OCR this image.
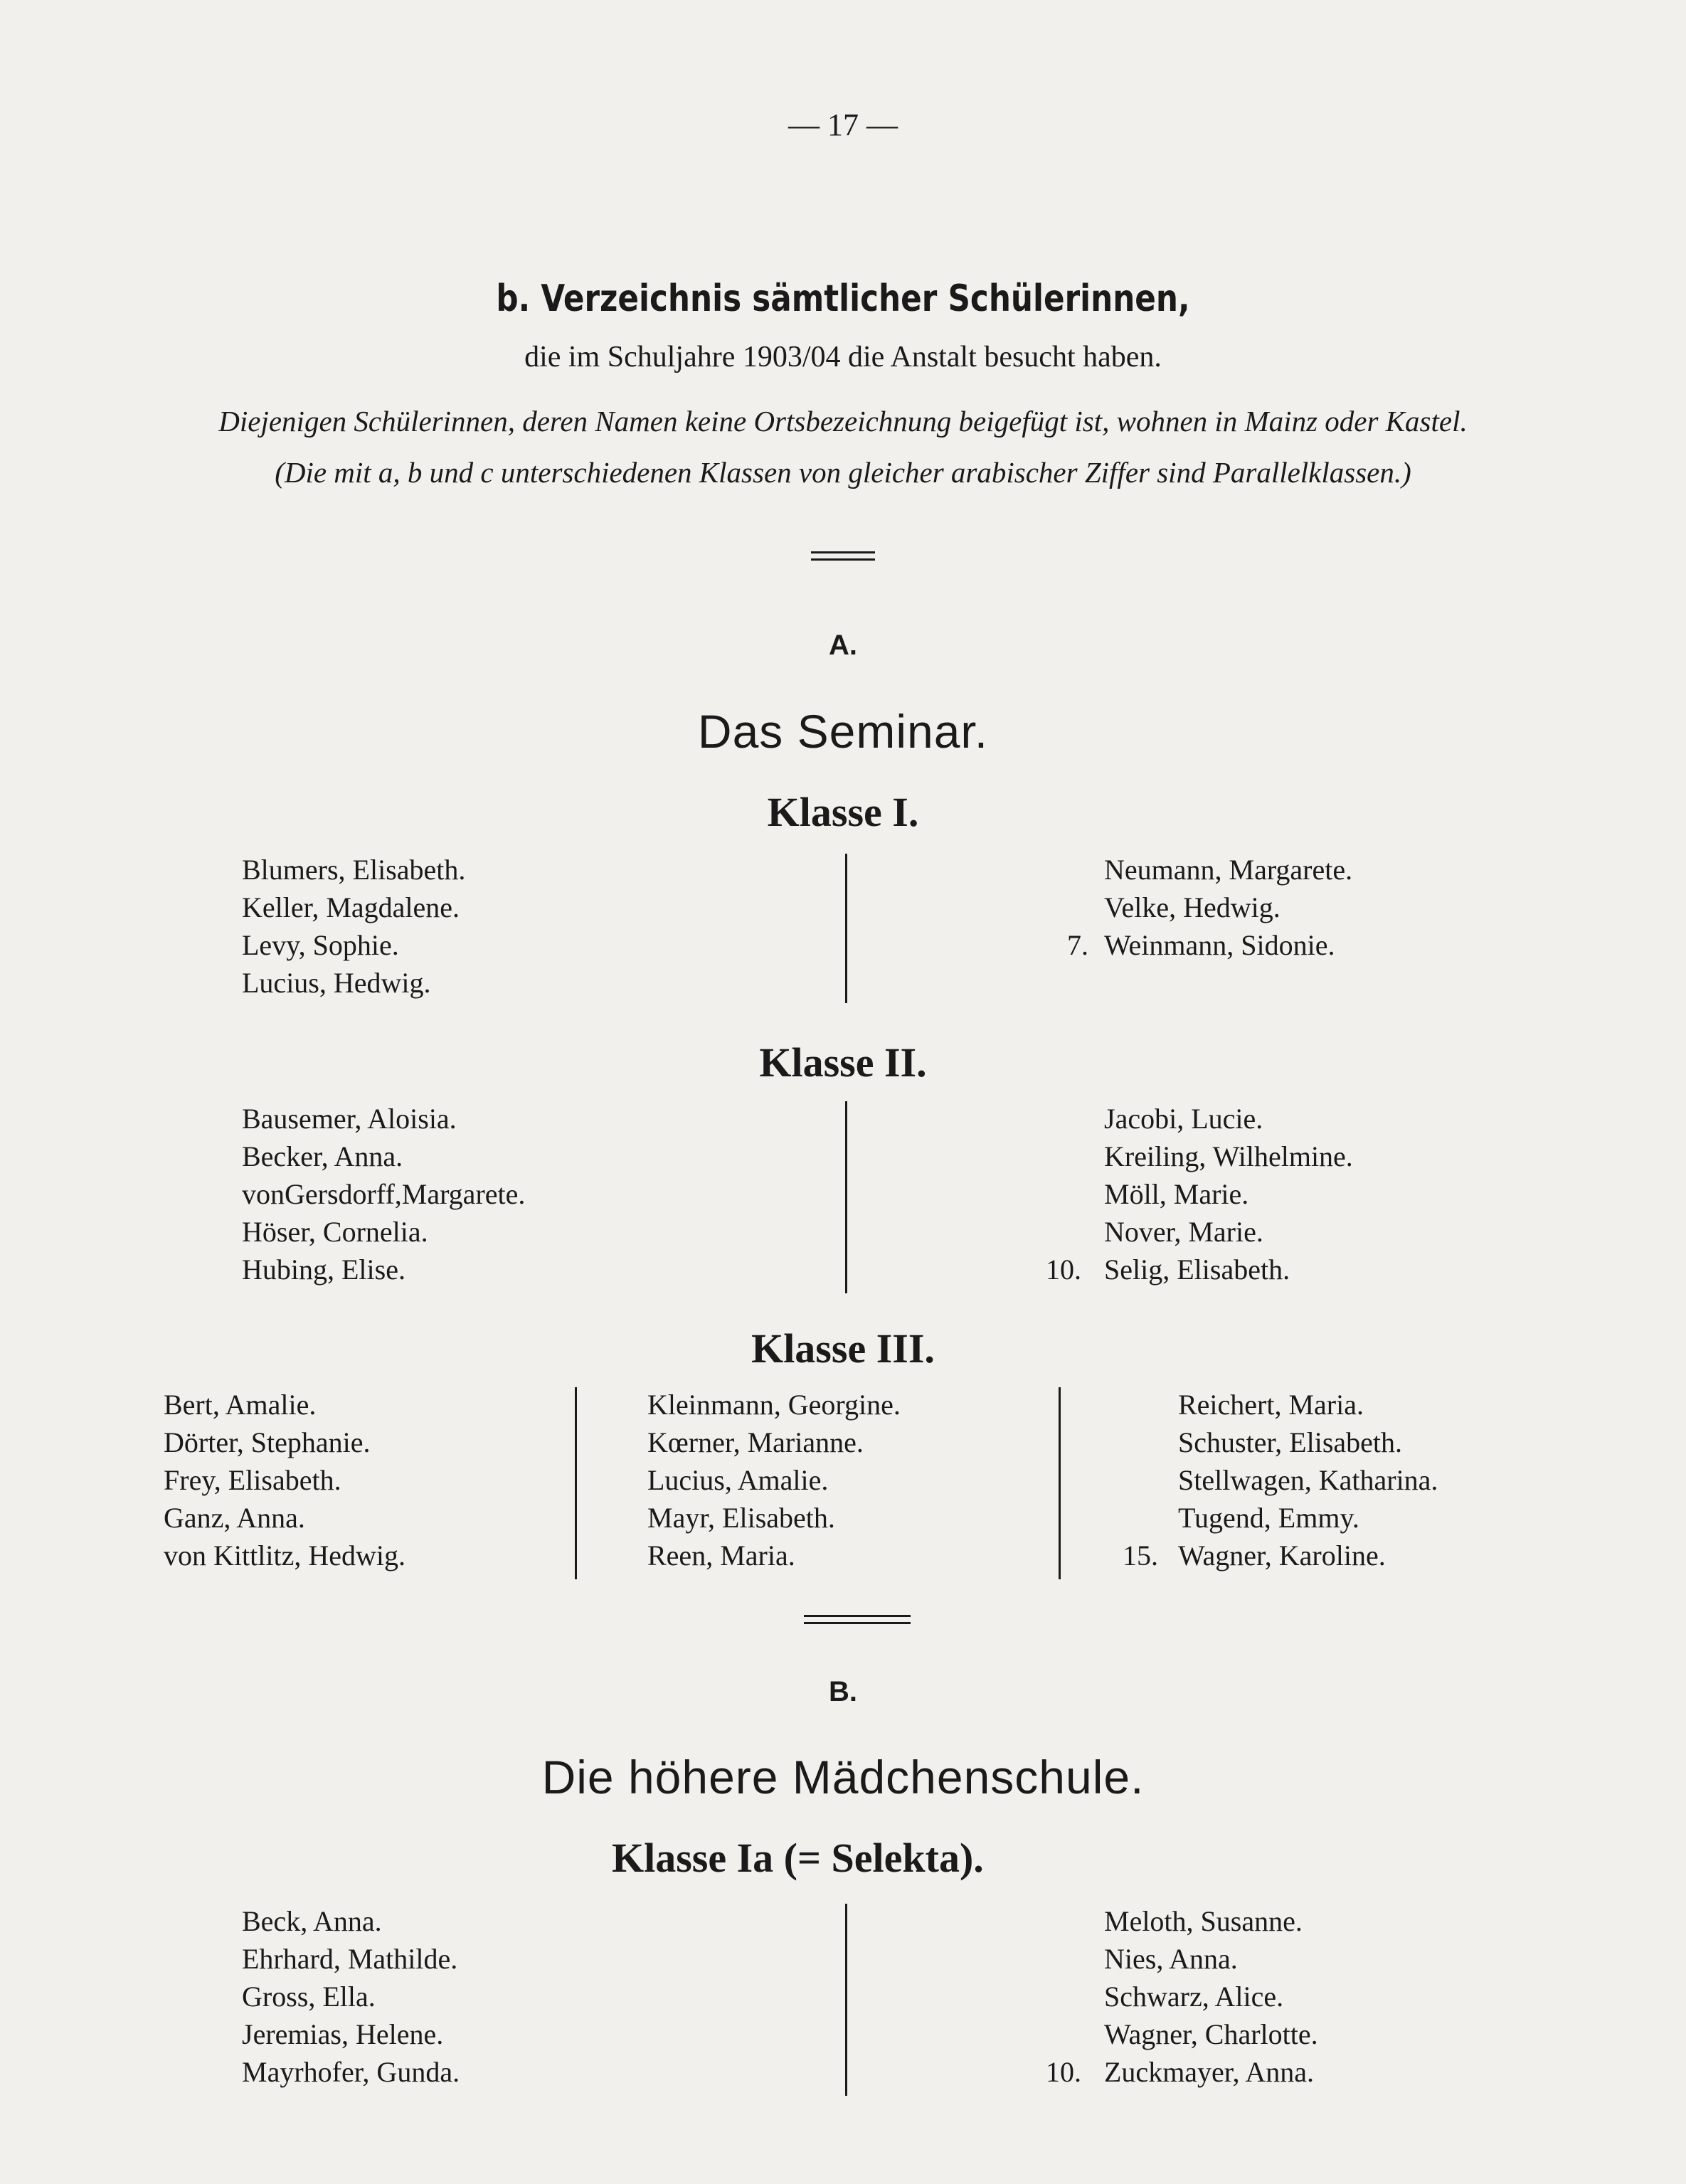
— 17 —
b. Verzeichnis sämtlicher Schülerinnen,
die im Schuljahre 1903/04 die Anstalt besucht haben.
Diejenigen Schülerinnen, deren Namen keine Ortsbezeichnung beigefügt ist, wohnen in Mainz oder Kastel.
(Die mit a, b und c unterschiedenen Klassen von gleicher arabischer Ziffer sind Parallelklassen.)
A.
Das Seminar.
Klasse I.
Blumers, Elisabeth.
Keller, Magdalene.
Levy, Sophie.
Lucius, Hedwig.
Neumann, Margarete.
Velke, Hedwig.
Weinmann, Sidonie.
7.
Klasse II.
Bausemer, Aloisia.
Becker, Anna.
vonGersdorff,Margarete.
Höser, Cornelia.
Hubing, Elise.
Jacobi, Lucie.
Kreiling, Wilhelmine.
Möll, Marie.
Nover, Marie.
Selig, Elisabeth.
10.
Klasse III.
Bert, Amalie.
Dörter, Stephanie.
Frey, Elisabeth.
Ganz, Anna.
von Kittlitz, Hedwig.
Kleinmann, Georgine.
Kœrner, Marianne.
Lucius, Amalie.
Mayr, Elisabeth.
Reen, Maria.
Reichert, Maria.
Schuster, Elisabeth.
Stellwagen, Katharina.
Tugend, Emmy.
Wagner, Karoline.
15.
B.
Die höhere Mädchenschule.
Klasse Ia (= Selekta).
Beck, Anna.
Ehrhard, Mathilde.
Gross, Ella.
Jeremias, Helene.
Mayrhofer, Gunda.
Meloth, Susanne.
Nies, Anna.
Schwarz, Alice.
Wagner, Charlotte.
Zuckmayer, Anna.
10.
